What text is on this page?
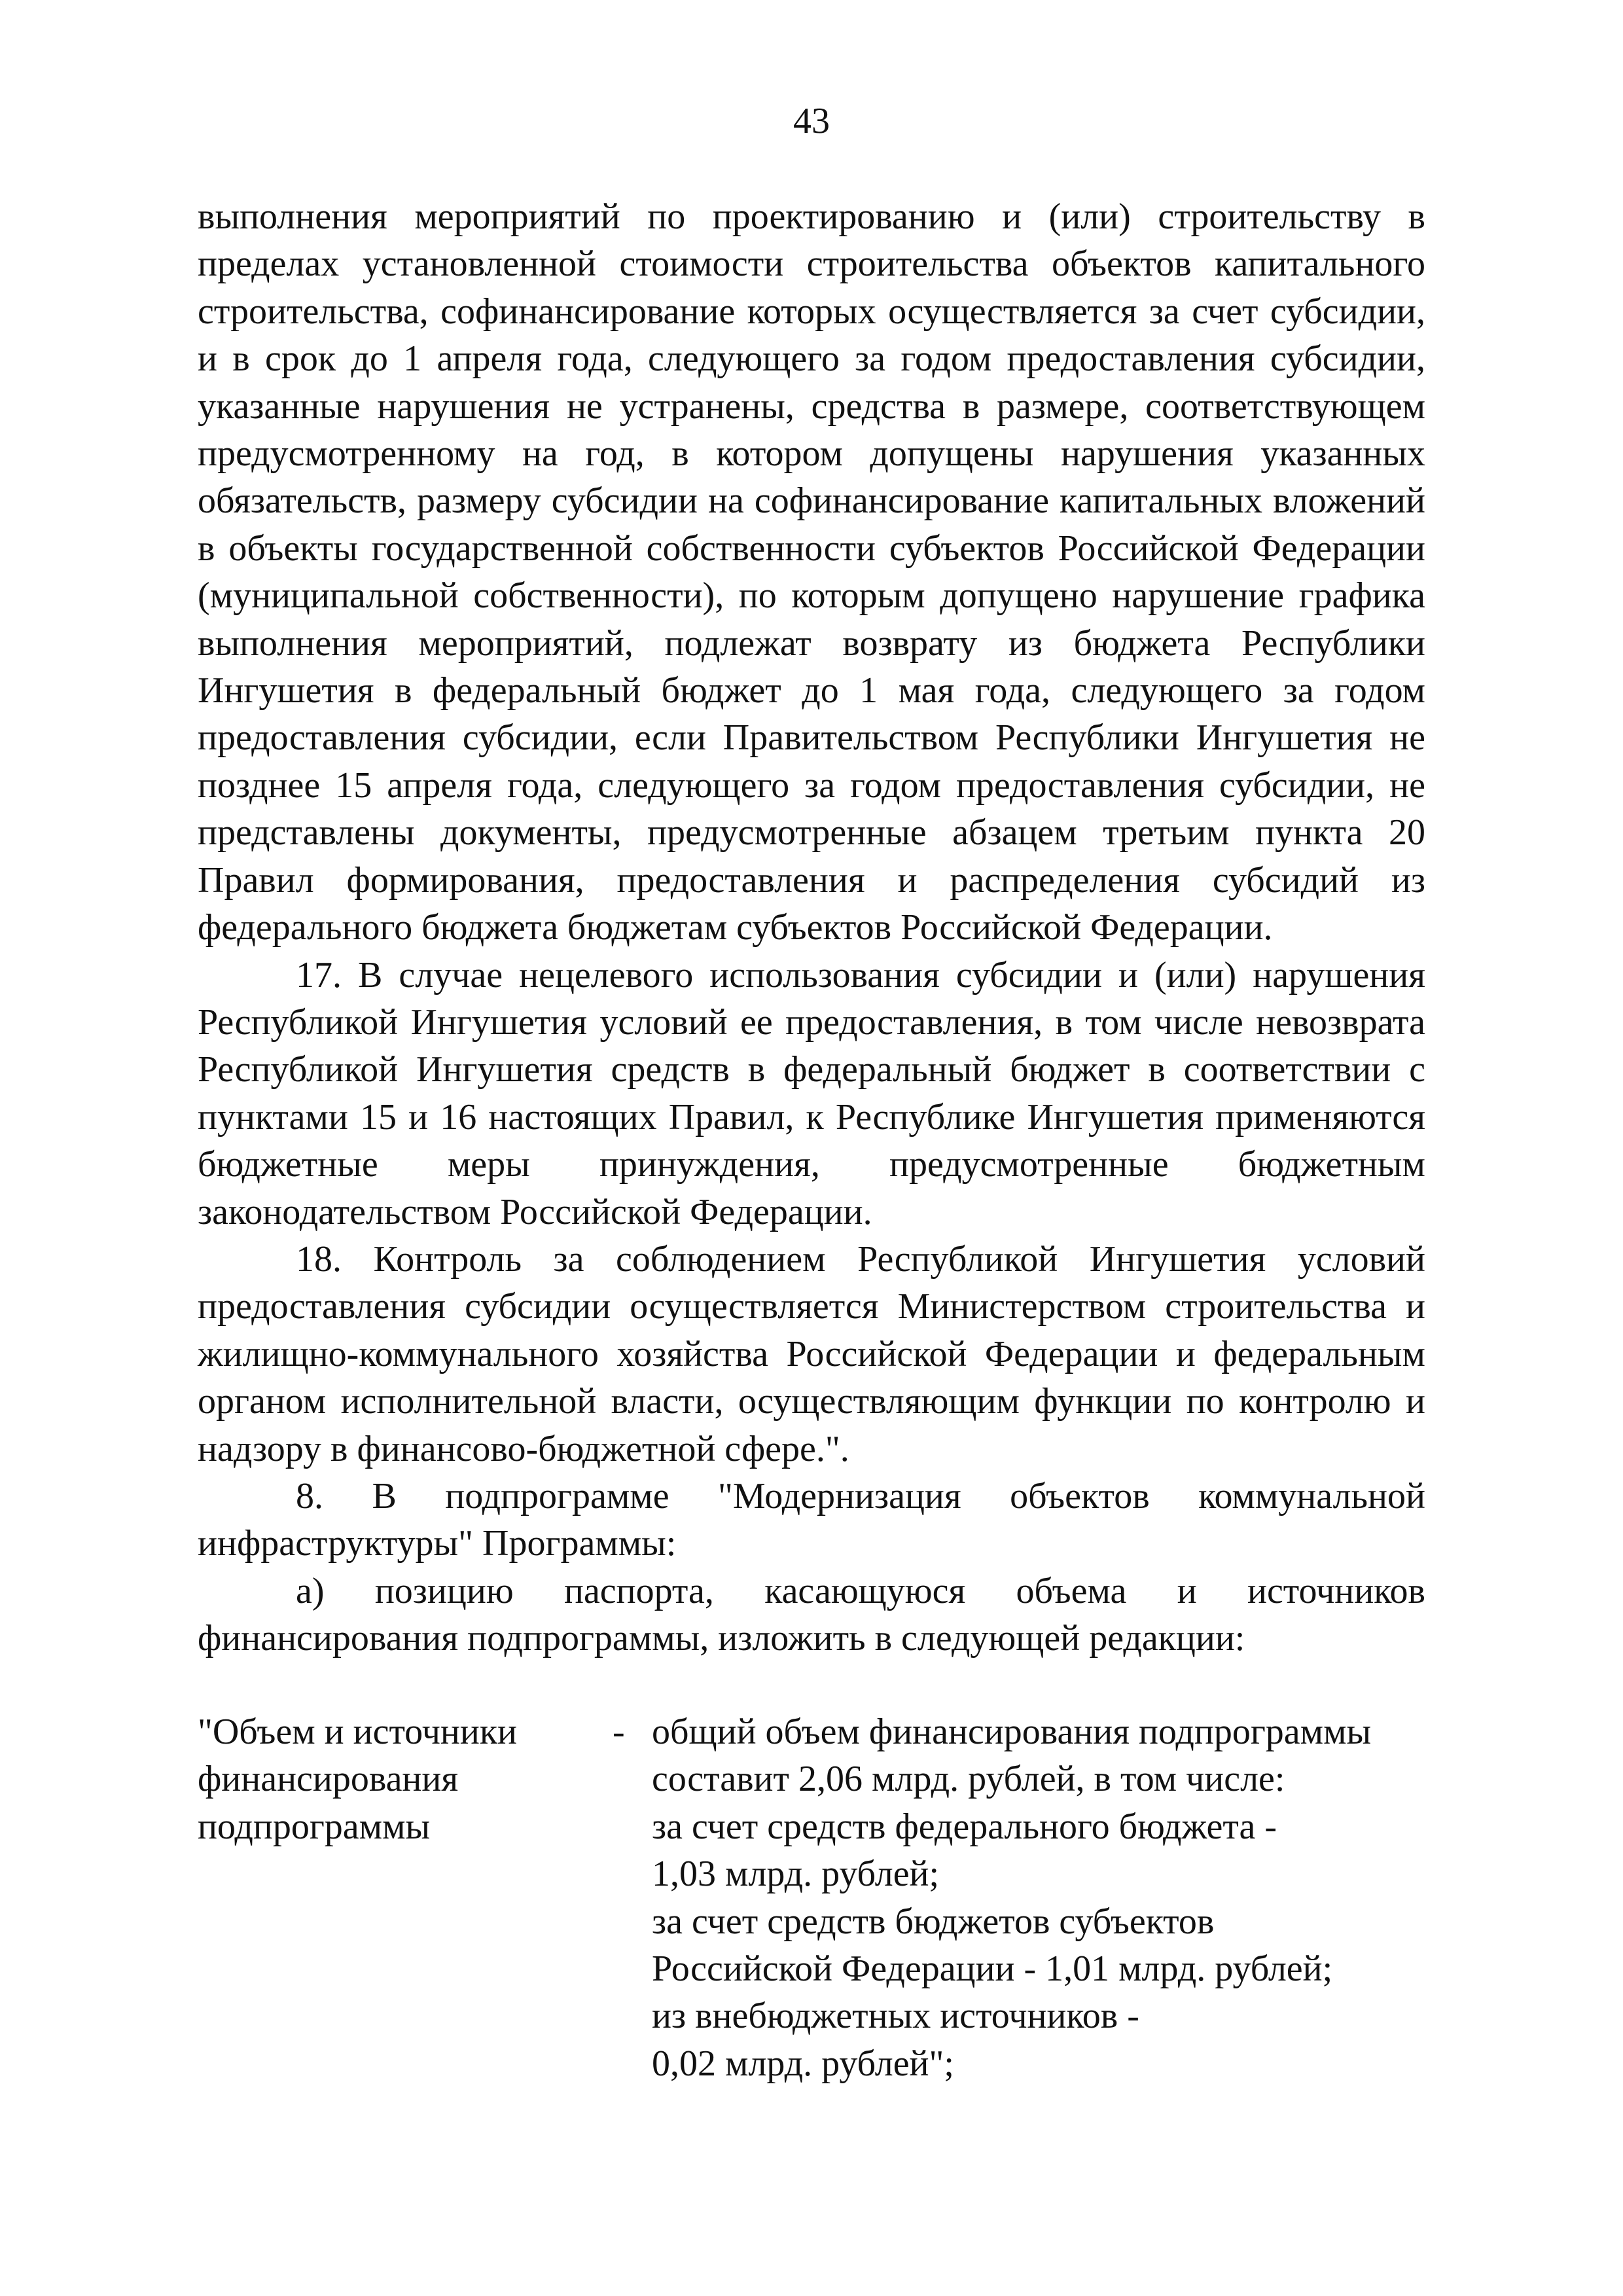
43

выполнения мероприятий по проектированию и (или) строительству в пределах установленной стоимости строительства объектов капитального строительства, софинансирование которых осуществляется за счет субсидии, и в срок до 1 апреля года, следующего за годом предоставления субсидии, указанные нарушения не устранены, средства в размере, соответствующем предусмотренному на год, в котором допущены нарушения указанных обязательств, размеру субсидии на софинансирование капитальных вложений в объекты государственной собственности субъектов Российской Федерации (муниципальной собственности), по которым допущено нарушение графика выполнения мероприятий, подлежат возврату из бюджета Республики Ингушетия в федеральный бюджет до 1 мая года, следующего за годом предоставления субсидии, если Правительством Республики Ингушетия не позднее 15 апреля года, следующего за годом предоставления субсидии, не представлены документы, предусмотренные абзацем третьим пункта 20 Правил формирования, предоставления и распределения субсидий из федерального бюджета бюджетам субъектов Российской Федерации.

17. В случае нецелевого использования субсидии и (или) нарушения Республикой Ингушетия условий ее предоставления, в том числе невозврата Республикой Ингушетия средств в федеральный бюджет в соответствии с пунктами 15 и 16 настоящих Правил, к Республике Ингушетия применяются бюджетные меры принуждения, предусмотренные бюджетным законодательством Российской Федерации.

18. Контроль за соблюдением Республикой Ингушетия условий предоставления субсидии осуществляется Министерством строительства и жилищно-коммунального хозяйства Российской Федерации и федеральным органом исполнительной власти, осуществляющим функции по контролю и надзору в финансово-бюджетной сфере.".

8. В подпрограмме "Модернизация объектов коммунальной инфраструктуры" Программы:

а) позицию паспорта, касающуюся объема и источников финансирования подпрограммы, изложить в следующей редакции:

"Объем и источники
финансирования
подпрограммы
- общий объем финансирования подпрограммы
составит 2,06 млрд. рублей, в том числе:
за счет средств федерального бюджета -
1,03 млрд. рублей;
за счет средств бюджетов субъектов
Российской Федерации - 1,01 млрд. рублей;
из внебюджетных источников -
0,02 млрд. рублей";
